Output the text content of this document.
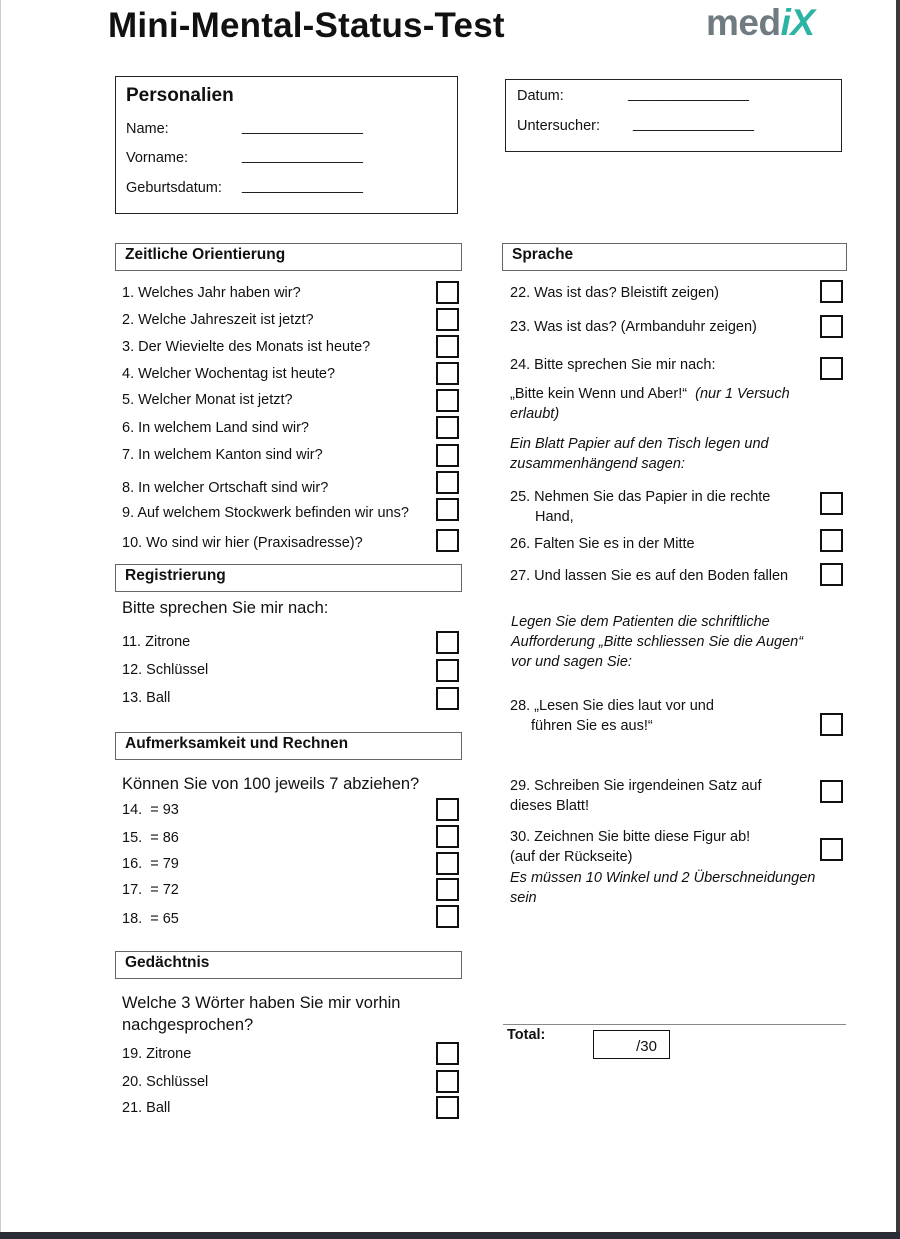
Mini-Mental-Status-Test	mediX
Personalien
Name:	_______________
Vorname:	_______________
Geburtsdatum: _______________
Datum:	_______________
Untersucher: _______________
Zeitliche Orientierung
1. Welches Jahr haben wir?
2. Welche Jahreszeit ist jetzt?
3. Der Wievielte des Monats ist heute?
4. Welcher Wochentag ist heute?
5. Welcher Monat ist jetzt?
6. In welchem Land sind wir?
7. In welchem Kanton sind wir?
8. In welcher Ortschaft sind wir?
9. Auf welchem Stockwerk befinden wir uns?
10. Wo sind wir hier (Praxisadresse)?
Registrierung
Bitte sprechen Sie mir nach:
11. Zitrone
12. Schlüssel
13. Ball
Aufmerksamkeit und Rechnen
Können Sie von 100 jeweils 7 abziehen?
14.  = 93
15.  = 86
16.  = 79
17.  = 72
18.  = 65
Gedächtnis
Welche 3 Wörter haben Sie mir vorhin nachgesprochen?
19. Zitrone
20. Schlüssel
21. Ball
Sprache
22. Was ist das? Bleistift zeigen)
23. Was ist das? (Armbanduhr zeigen)
24. Bitte sprechen Sie mir nach:
„Bitte kein Wenn und Aber!“ (nur 1 Versuch erlaubt)
Ein Blatt Papier auf den Tisch legen und zusammenhängend sagen:
25. Nehmen Sie das Papier in die rechte
Hand,
26. Falten Sie es in der Mitte
27. Und lassen Sie es auf den Boden fallen
Legen Sie dem Patienten die schriftliche Aufforderung „Bitte schliessen Sie die Augen“ vor und sagen Sie:
28. „Lesen Sie dies laut vor und
führen Sie es aus!“
29. Schreiben Sie irgendeinen Satz auf dieses Blatt!
30. Zeichnen Sie bitte diese Figur ab!
(auf der Rückseite)
Es müssen 10 Winkel und 2 Überschneidungen sein
Total:
/30
